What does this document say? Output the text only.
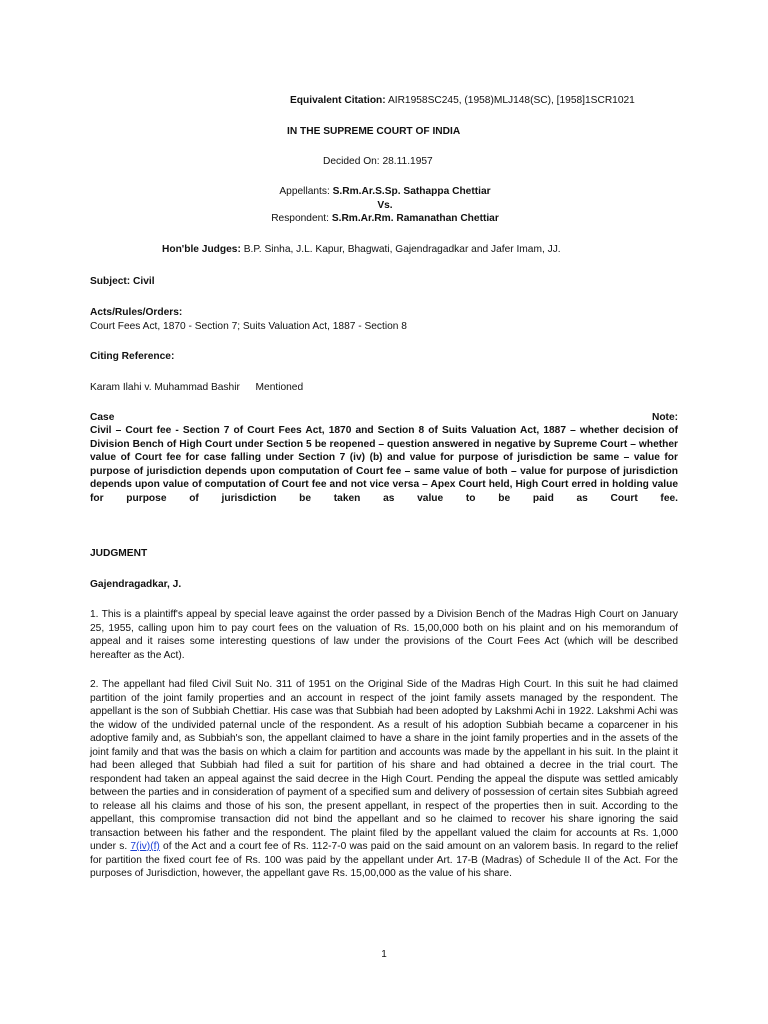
Equivalent Citation: AIR1958SC245, (1958)MLJ148(SC), [1958]1SCR1021
IN THE SUPREME COURT OF INDIA
Decided On: 28.11.1957
Appellants: S.Rm.Ar.S.Sp. Sathappa Chettiar
Vs.
Respondent: S.Rm.Ar.Rm. Ramanathan Chettiar
Hon'ble Judges: B.P. Sinha, J.L. Kapur, Bhagwati, Gajendragadkar and Jafer Imam, JJ.
Subject: Civil
Acts/Rules/Orders:
Court Fees Act, 1870 - Section 7; Suits Valuation Act, 1887 - Section 8
Citing Reference:
Karam Ilahi v. Muhammad Bashir Mentioned
Case	Note:
Civil – Court fee - Section 7 of Court Fees Act, 1870 and Section 8 of Suits Valuation Act, 1887 – whether decision of Division Bench of High Court under Section 5 be reopened – question answered in negative by Supreme Court – whether value of Court fee for case falling under Section 7 (iv) (b) and value for purpose of jurisdiction be same – value for purpose of jurisdiction depends upon computation of Court fee – same value of both – value for purpose of jurisdiction depends upon value of computation of Court fee and not vice versa – Apex Court held, High Court erred in holding value for purpose of jurisdiction be taken as value to be paid as Court fee.
JUDGMENT
Gajendragadkar, J.
1. This is a plaintiff's appeal by special leave against the order passed by a Division Bench of the Madras High Court on January 25, 1955, calling upon him to pay court fees on the valuation of Rs. 15,00,000 both on his plaint and on his memorandum of appeal and it raises some interesting questions of law under the provisions of the Court Fees Act (which will be described hereafter as the Act).
2. The appellant had filed Civil Suit No. 311 of 1951 on the Original Side of the Madras High Court. In this suit he had claimed partition of the joint family properties and an account in respect of the joint family assets managed by the respondent. The appellant is the son of Subbiah Chettiar. His case was that Subbiah had been adopted by Lakshmi Achi in 1922. Lakshmi Achi was the widow of the undivided paternal uncle of the respondent. As a result of his adoption Subbiah became a coparcener in his adoptive family and, as Subbiah's son, the appellant claimed to have a share in the joint family properties and in the assets of the joint family and that was the basis on which a claim for partition and accounts was made by the appellant in his suit. In the plaint it had been alleged that Subbiah had filed a suit for partition of his share and had obtained a decree in the trial court. The respondent had taken an appeal against the said decree in the High Court. Pending the appeal the dispute was settled amicably between the parties and in consideration of payment of a specified sum and delivery of possession of certain sites Subbiah agreed to release all his claims and those of his son, the present appellant, in respect of the properties then in suit. According to the appellant, this compromise transaction did not bind the appellant and so he claimed to recover his share ignoring the said transaction between his father and the respondent. The plaint filed by the appellant valued the claim for accounts at Rs. 1,000 under s. 7(iv)(f) of the Act and a court fee of Rs. 112-7-0 was paid on the said amount on an valorem basis. In regard to the relief for partition the fixed court fee of Rs. 100 was paid by the appellant under Art. 17-B (Madras) of Schedule II of the Act. For the purposes of Jurisdiction, however, the appellant gave Rs. 15,00,000 as the value of his share.
1
